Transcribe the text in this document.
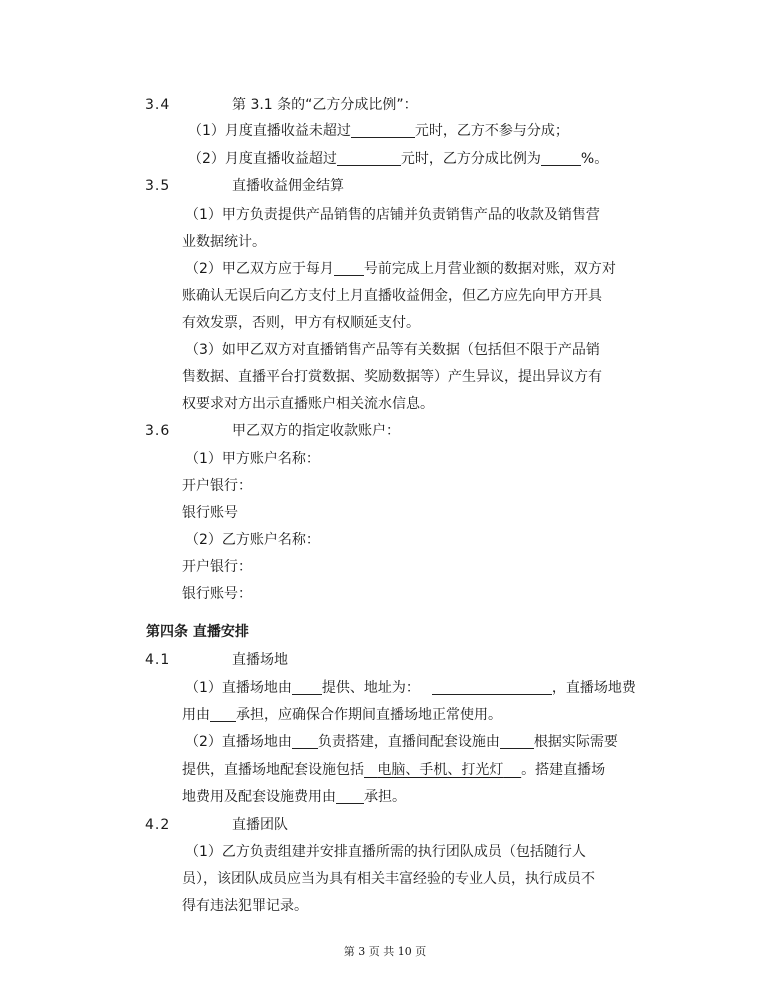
3.4	第 3.1 条的“乙方分成比例”：
（1）月度直播收益未超过	元时，乙方不参与分成；
（2）月度直播收益超过	元时，乙方分成比例为	%。
3.5	直播收益佣金结算
（1）甲方负责提供产品销售的店铺并负责销售产品的收款及销售营
业数据统计。
（2）甲乙双方应于每月 号前完成上月营业额的数据对账，双方对
账确认无误后向乙方支付上月直播收益佣金，但乙方应先向甲方开具
有效发票，否则，甲方有权顺延支付。
（3）如甲乙双方对直播销售产品等有关数据（包括但不限于产品销
售数据、直播平台打赏数据、奖励数据等）产生异议，提出异议方有
权要求对方出示直播账户相关流水信息。
3.6	甲乙双方的指定收款账户：
（1）甲方账户名称：
开户银行：
银行账号
（2）乙方账户名称：
开户银行：
银行账号：
第四条 直播安排
4.1	直播场地
（1）直播场地由 提供、地址为：	，直播场地费
用由 承担，应确保合作期间直播场地正常使用。
（2）直播场地由 负责搭建，直播间配套设施由 根据实际需要
提供，直播场地配套设施包括 电脑、手机、打光灯 。搭建直播场
地费用及配套设施费用由 承担。
4.2	直播团队
（1）乙方负责组建并安排直播所需的执行团队成员（包括随行人
员），该团队成员应当为具有相关丰富经验的专业人员，执行成员不
得有违法犯罪记录。
第 3 页 共 10 页
